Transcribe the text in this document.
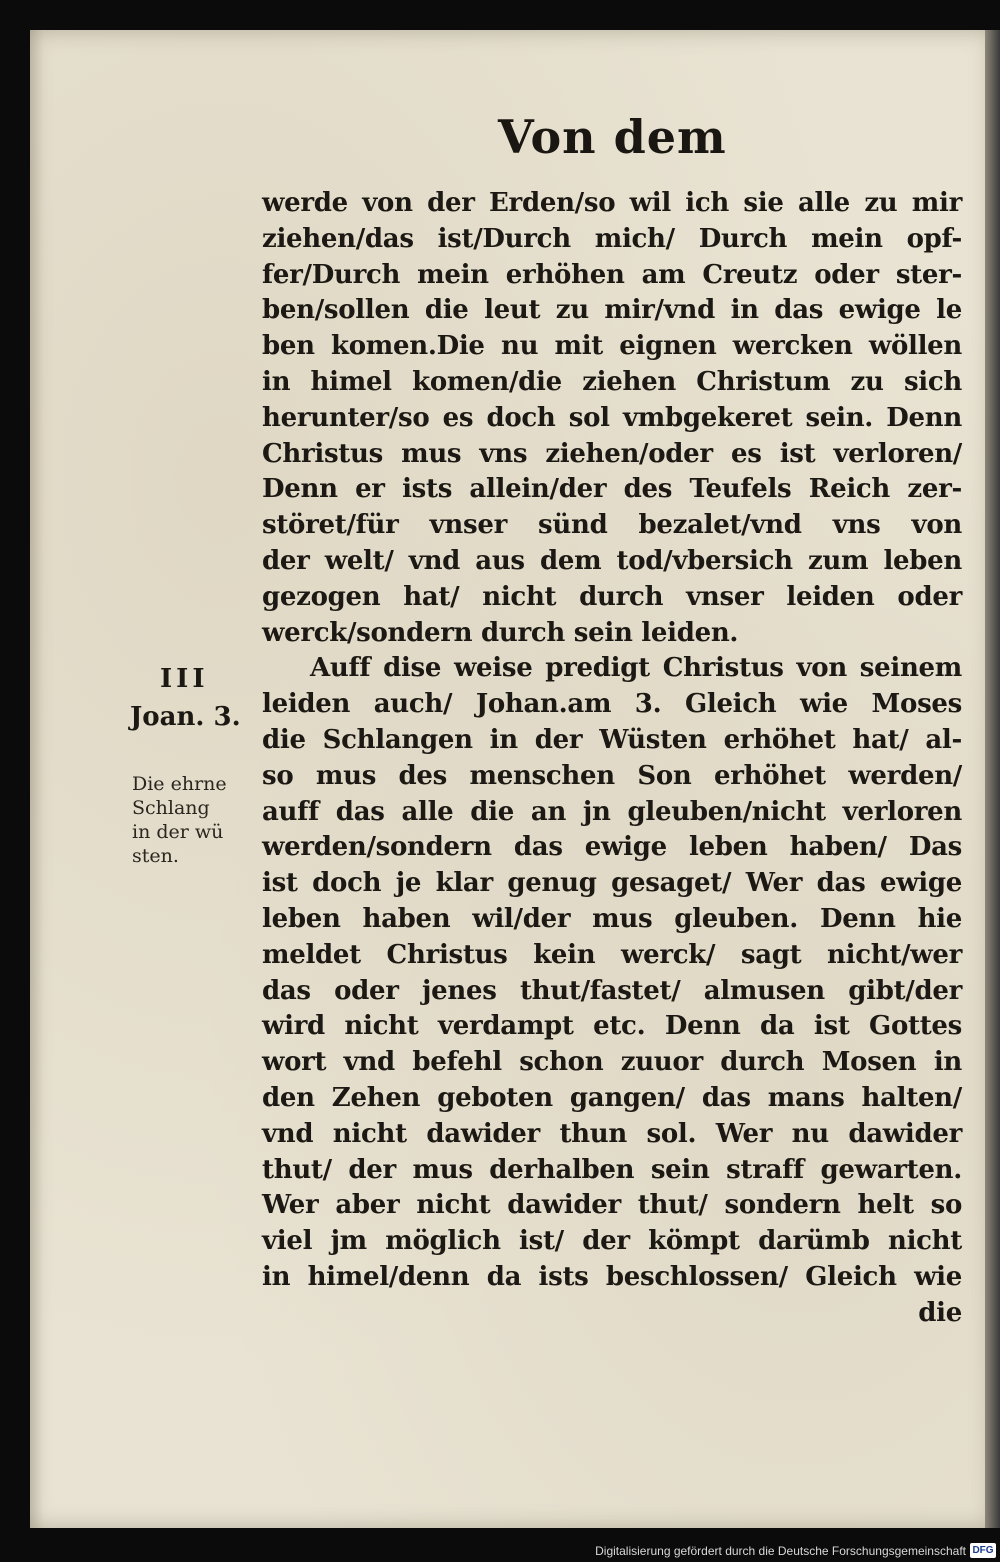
Von dem
III
Joan. 3.
Die ehrne
Schlang
in der wü
sten.
werde von der Erden/so wil ich sie alle zu mir
ziehen/das ist/Durch mich/ Durch mein opf-
fer/Durch mein erhöhen am Creutz oder ster-
ben/sollen die leut zu mir/vnd in das ewige le
ben komen.Die nu mit eignen wercken wöllen
in himel komen/die ziehen Christum zu sich
herunter/so es doch sol vmbgekeret sein. Denn
Christus mus vns ziehen/oder es ist verloren/
Denn er ists allein/der des Teufels Reich zer-
störet/für vnser sünd bezalet/vnd vns von
der welt/ vnd aus dem tod/vbersich zum leben
gezogen hat/ nicht durch vnser leiden oder
werck/sondern durch sein leiden.
Auff dise weise predigt Christus von seinem
leiden auch/ Johan.am 3. Gleich wie Moses
die Schlangen in der Wüsten erhöhet hat/ al-
so mus des menschen Son erhöhet werden/
auff das alle die an jn gleuben/nicht verloren
werden/sondern das ewige leben haben/ Das
ist doch je klar genug gesaget/ Wer das ewige
leben haben wil/der mus gleuben. Denn hie
meldet Christus kein werck/ sagt nicht/wer
das oder jenes thut/fastet/ almusen gibt/der
wird nicht verdampt etc. Denn da ist Gottes
wort vnd befehl schon zuuor durch Mosen in
den Zehen geboten gangen/ das mans halten/
vnd nicht dawider thun sol. Wer nu dawider
thut/ der mus derhalben sein straff gewarten.
Wer aber nicht dawider thut/ sondern helt so
viel jm möglich ist/ der kömpt darümb nicht
in himel/denn da ists beschlossen/ Gleich wie
die
Digitalisierung gefördert durch die Deutsche Forschungsgemeinschaft DFG
